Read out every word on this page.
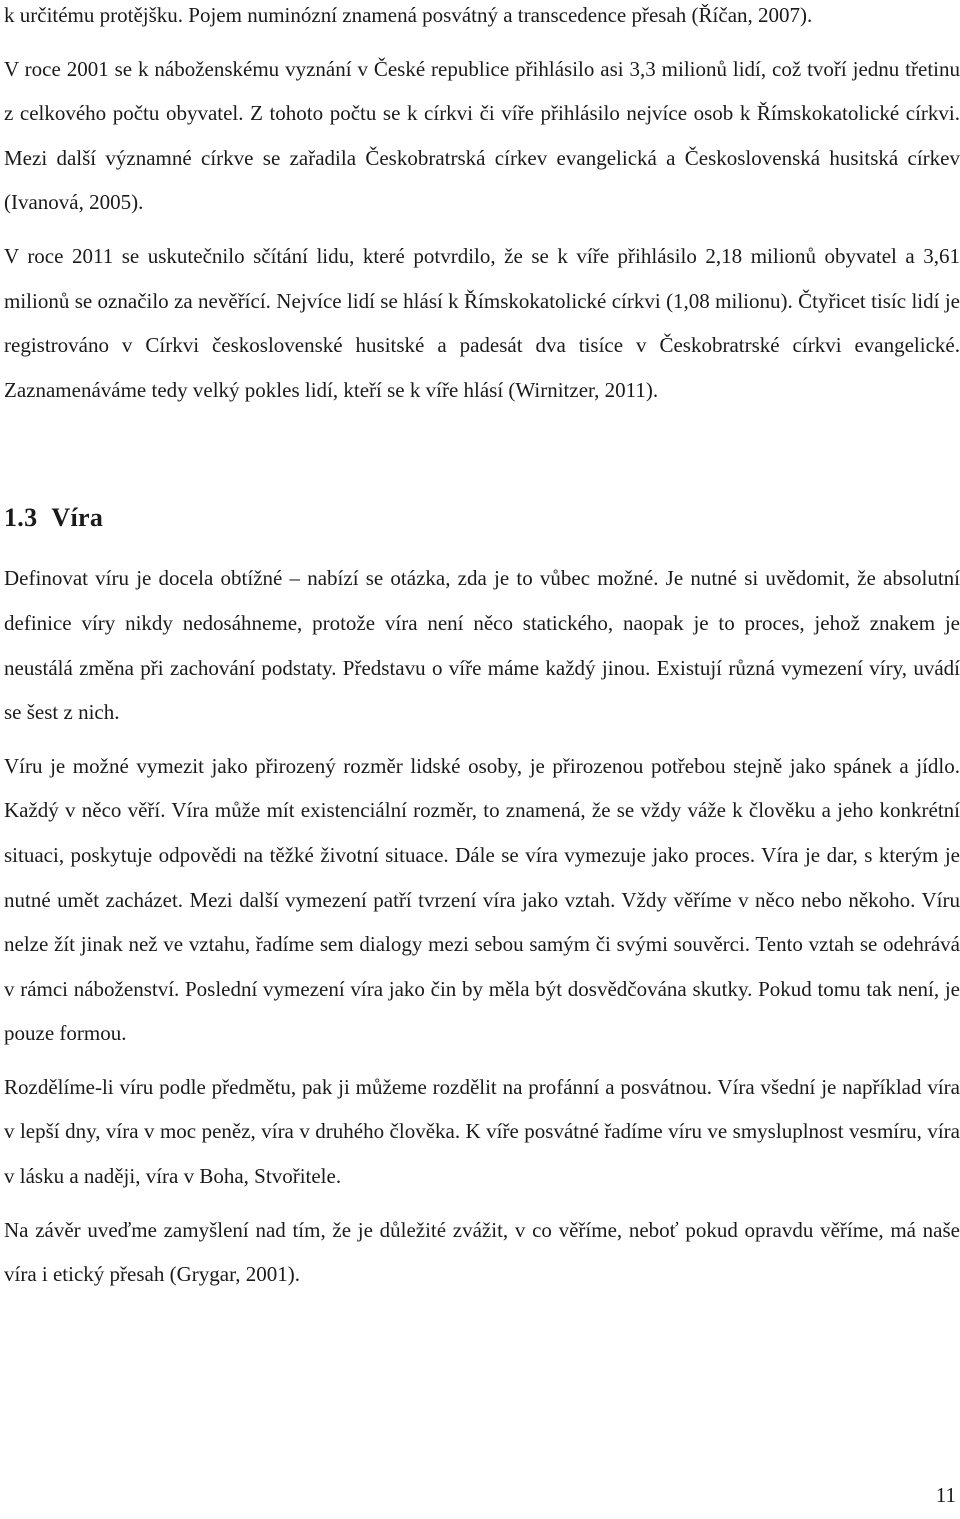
k určitému protějšku. Pojem numinózní znamená posvátný a transcedence přesah (Říčan, 2007).

V roce 2001 se k náboženskému vyznání v České republice přihlásilo asi 3,3 milionů lidí, což tvoří jednu třetinu z celkového počtu obyvatel. Z tohoto počtu se k církvi či víře přihlásilo nejvíce osob k Římskokatolické církvi. Mezi další významné církve se zařadila Českobratrská církev evangelická a Československá husitská církev (Ivanová, 2005).

V roce 2011 se uskutečnilo sčítání lidu, které potvrdilo, že se k víře přihlásilo 2,18 milionů obyvatel a 3,61 milionů se označilo za nevěřící. Nejvíce lidí se hlásí k Římskokatolické církvi (1,08 milionu). Čtyřicet tisíc lidí je registrováno v Církvi československé husitské a padesát dva tisíce v Českobratrské církvi evangelické. Zaznamenáváme tedy velký pokles lidí, kteří se k víře hlásí (Wirnitzer, 2011).

1.3 Víra

Definovat víru je docela obtížné – nabízí se otázka, zda je to vůbec možné. Je nutné si uvědomit, že absolutní definice víry nikdy nedosáhneme, protože víra není něco statického, naopak je to proces, jehož znakem je neustálá změna při zachování podstaty. Představu o víře máme každý jinou. Existují různá vymezení víry, uvádí se šest z nich.

Víru je možné vymezit jako přirozený rozměr lidské osoby, je přirozenou potřebou stejně jako spánek a jídlo. Každý v něco věří. Víra může mít existenciální rozměr, to znamená, že se vždy váže k člověku a jeho konkrétní situaci, poskytuje odpovědi na těžké životní situace. Dále se víra vymezuje jako proces. Víra je dar, s kterým je nutné umět zacházet. Mezi další vymezení patří tvrzení víra jako vztah. Vždy věříme v něco nebo někoho. Víru nelze žít jinak než ve vztahu, řadíme sem dialogy mezi sebou samým či svými souvěrci. Tento vztah se odehrává v rámci náboženství. Poslední vymezení víra jako čin by měla být dosvědčována skutky. Pokud tomu tak není, je pouze formou.

Rozdělíme-li víru podle předmětu, pak ji můžeme rozdělit na profánní a posvátnou. Víra všední je například víra v lepší dny, víra v moc peněz, víra v druhého člověka. K víře posvátné řadíme víru ve smysluplnost vesmíru, víra v lásku a naději, víra v Boha, Stvořitele.

Na závěr uveďme zamyšlení nad tím, že je důležité zvážit, v co věříme, neboť pokud opravdu věříme, má naše víra i etický přesah (Grygar, 2001).

11
